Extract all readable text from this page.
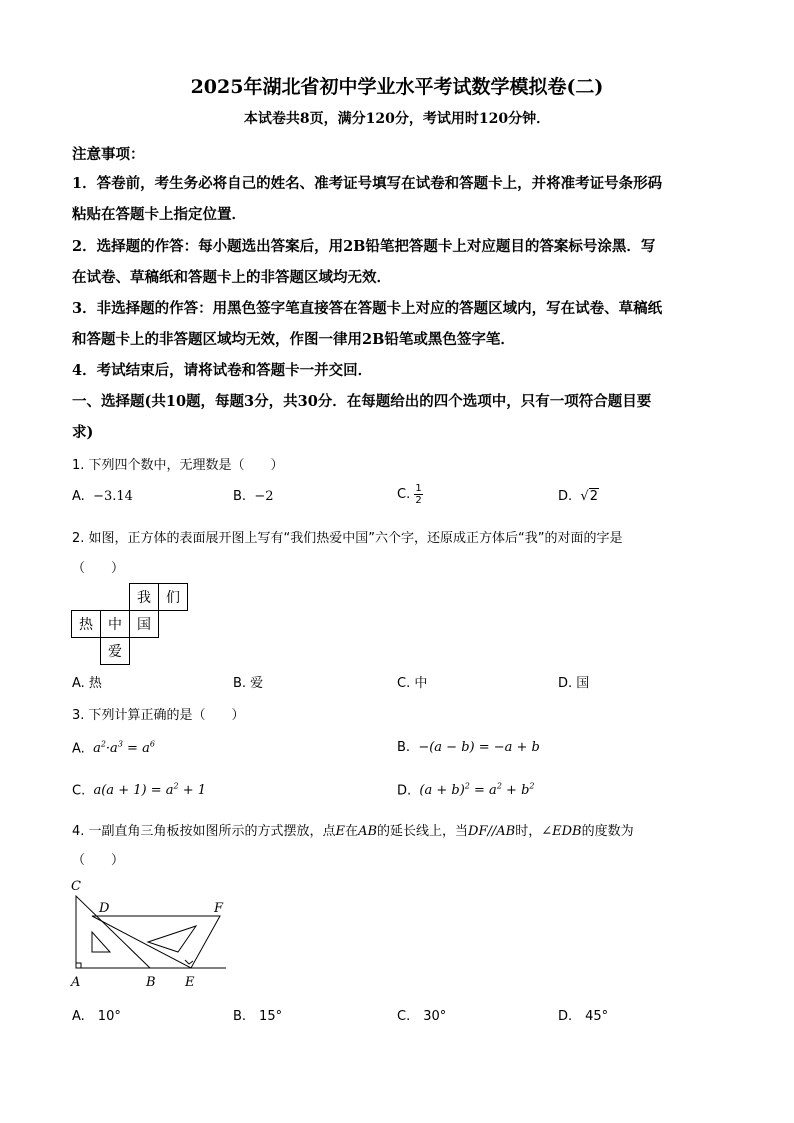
2025年湖北省初中学业水平考试数学模拟卷(二)
本试卷共8页，满分120分，考试用时120分钟．
注意事项：
1．答卷前，考生务必将自己的姓名、准考证号填写在试卷和答题卡上，并将准考证号条形码
粘贴在答题卡上指定位置．
2．选择题的作答：每小题选出答案后，用2B铅笔把答题卡上对应题目的答案标号涂黑．写
在试卷、草稿纸和答题卡上的非答题区域均无效．
3．非选择题的作答：用黑色签字笔直接答在答题卡上对应的答题区域内，写在试卷、草稿纸
和答题卡上的非答题区域均无效，作图一律用2B铅笔或黑色签字笔．
4．考试结束后，请将试卷和答题卡一并交回．
一、选择题(共10题，每题3分，共30分．在每题给出的四个选项中，只有一项符合题目要
求)
1. 下列四个数中，无理数是（　　）
A. −3.14	B. −2	C. $\frac{1}{2}$	D. √2
2. 如图，正方体的表面展开图上写有“我们热爱中国”六个字，还原成正方体后“我”的对面的字是
（　　）
		我	们
热	中	国	
	爱		
A. 热	B. 爱	C. 中	D. 国
3. 下列计算正确的是（　　）
A. $a^2\cdot a^3 = a^6$	B. −(a − b) = −a + b
C. $a(a + 1) = a^2 + 1$	D. $(a + b)^2 = a^2 + b^2$
4. 一副直角三角板按如图所示的方式摆放，点E在AB的延长线上，当DF//AB时，∠EDB的度数为
（　　）
C
D	F
A	B E
A.　10°	B.　15°	C.　30°	D.　45°
